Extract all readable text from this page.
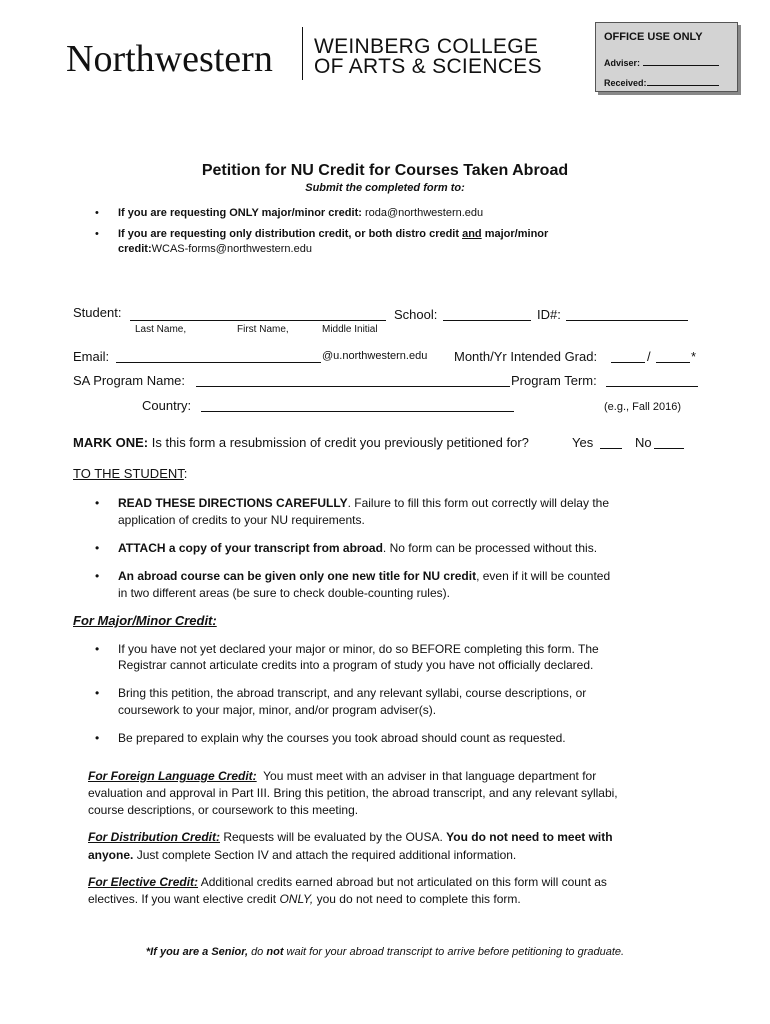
Northwestern WEINBERG COLLEGE
OF ARTS & SCIENCES
OFFICE USE ONLY
Adviser:
Received:
Petition for NU Credit for Courses Taken Abroad
Submit the completed form to:
• If you are requesting ONLY major/minor credit: roda@northwestern.edu
• If you are requesting only distribution credit, or both distro credit and major/minor
credit:WCAS-forms@northwestern.edu
Student:	School:	ID#:
Last Name,	First Name,	Middle Initial
Email:	@u.northwestern.edu Month/Yr Intended Grad:	/	*
SA Program Name:	Program Term:
Country:	(e.g., Fall 2016)
MARK ONE: Is this form a resubmission of credit you previously petitioned for?	Yes	No
TO THE STUDENT:
• READ THESE DIRECTIONS CAREFULLY. Failure to fill this form out correctly will delay the
application of credits to your NU requirements.
• ATTACH a copy of your transcript from abroad. No form can be processed without this.
• An abroad course can be given only one new title for NU credit, even if it will be counted
in two different areas (be sure to check double-counting rules).
For Major/Minor Credit:
• If you have not yet declared your major or minor, do so BEFORE completing this form. The
Registrar cannot articulate credits into a program of study you have not officially declared.
• Bring this petition, the abroad transcript, and any relevant syllabi, course descriptions, or
coursework to your major, minor, and/or program adviser(s).
• Be prepared to explain why the courses you took abroad should count as requested.
For Foreign Language Credit: You must meet with an adviser in that language department for
evaluation and approval in Part III. Bring this petition, the abroad transcript, and any relevant syllabi,
course descriptions, or coursework to this meeting.
For Distribution Credit: Requests will be evaluated by the OUSA. You do not need to meet with
anyone. Just complete Section IV and attach the required additional information.
For Elective Credit: Additional credits earned abroad but not articulated on this form will count as
electives. If you want elective credit ONLY, you do not need to complete this form.
*If you are a Senior, do not wait for your abroad transcript to arrive before petitioning to graduate.
